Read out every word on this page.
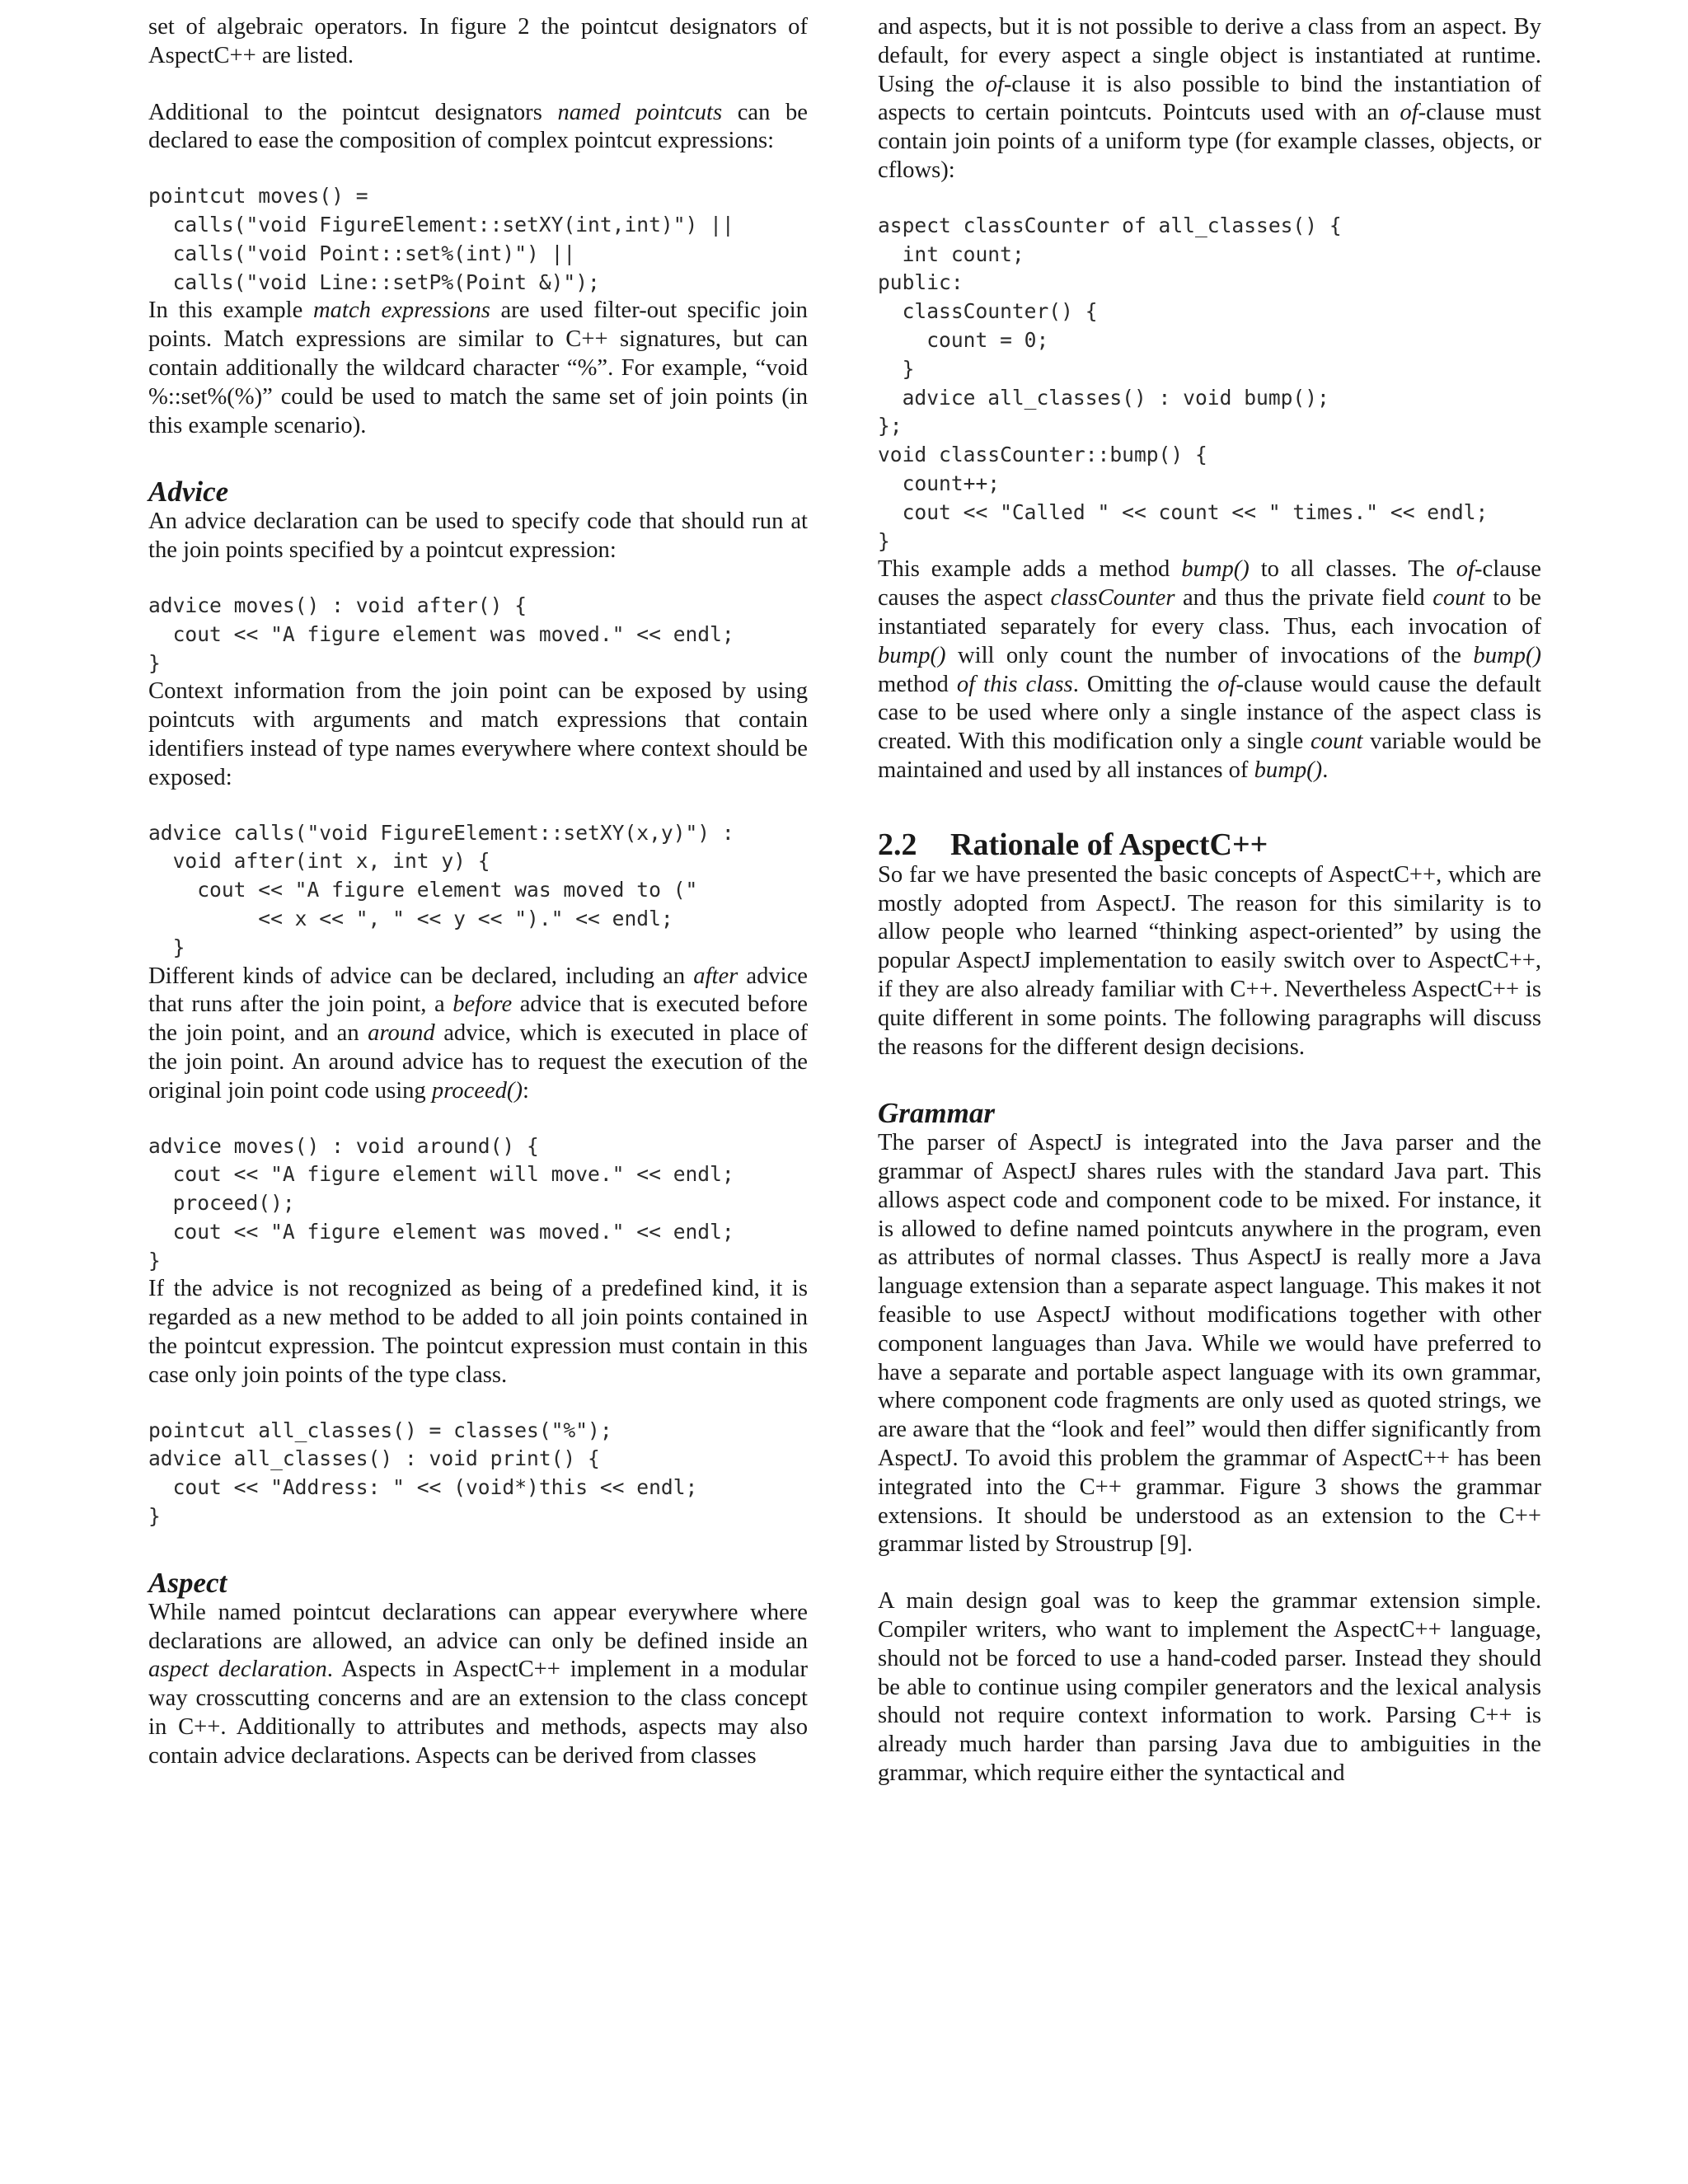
set of algebraic operators. In figure 2 the pointcut designators of AspectC++ are listed.

Additional to the pointcut designators named pointcuts can be declared to ease the composition of complex pointcut expressions:

pointcut moves() =
calls("void FigureElement::setXY(int,int)") ||
calls("void Point::set%(int)") ||
calls("void Line::setP%(Point &)");

In this example match expressions are used filter-out specific join points. Match expressions are similar to C++ signatures, but can contain additionally the wildcard character “%”. For example, “void %::set%(%)” could be used to match the same set of join points (in this example scenario).

Advice

An advice declaration can be used to specify code that should run at the join points specified by a pointcut expression:

advice moves() : void after() {
cout << "A figure element was moved." << endl;
}

Context information from the join point can be exposed by using pointcuts with arguments and match expressions that contain identifiers instead of type names everywhere where context should be exposed:

advice calls("void FigureElement::setXY(x,y)") :
void after(int x, int y) {
cout << "A figure element was moved to ("
<< x << ", " << y << ")." << endl;
}

Different kinds of advice can be declared, including an after advice that runs after the join point, a before advice that is executed before the join point, and an around advice, which is executed in place of the join point. An around advice has to request the execution of the original join point code using proceed():

advice moves() : void around() {
cout << "A figure element will move." << endl;
proceed();
cout << "A figure element was moved." << endl;
}

If the advice is not recognized as being of a predefined kind, it is regarded as a new method to be added to all join points contained in the pointcut expression. The pointcut expression must contain in this case only join points of the type class.

pointcut all_classes() = classes("%");
advice all_classes() : void print() {
cout << "Address: " << (void*)this << endl;
}
Aspect

While named pointcut declarations can appear everywhere where declarations are allowed, an advice can only be defined inside an aspect declaration. Aspects in AspectC++ implement in a modular way crosscutting concerns and are an extension to the class concept in C++. Additionally to attributes and methods, aspects may also contain advice declarations. Aspects can be derived from classes

and aspects, but it is not possible to derive a class from an aspect. By default, for every aspect a single object is instantiated at runtime. Using the of-clause it is also possible to bind the instantiation of aspects to certain pointcuts. Pointcuts used with an of-clause must contain join points of a uniform type (for example classes, objects, or cflows):

aspect classCounter of all_classes() {
int count;
public:
classCounter() {
count = 0;
}
advice all_classes() : void bump();
};
void classCounter::bump() {
count++;
cout << "Called " << count << " times." << endl;
}

This example adds a method bump() to all classes. The of-clause causes the aspect classCounter and thus the private field count to be instantiated separately for every class. Thus, each invocation of bump() will only count the number of invocations of the bump() method of this class. Omitting the of-clause would cause the default case to be used where only a single instance of the aspect class is created. With this modification only a single count variable would be maintained and used by all instances of bump().

2.2 Rationale of AspectC++

So far we have presented the basic concepts of AspectC++, which are mostly adopted from AspectJ. The reason for this similarity is to allow people who learned “thinking aspect-oriented” by using the popular AspectJ implementation to easily switch over to AspectC++, if they are also already familiar with C++. Nevertheless AspectC++ is quite different in some points. The following paragraphs will discuss the reasons for the different design decisions.

Grammar

The parser of AspectJ is integrated into the Java parser and the grammar of AspectJ shares rules with the standard Java part. This allows aspect code and component code to be mixed. For instance, it is allowed to define named pointcuts anywhere in the program, even as attributes of normal classes. Thus AspectJ is really more a Java language extension than a separate aspect language. This makes it not feasible to use AspectJ without modifications together with other component languages than Java. While we would have preferred to have a separate and portable aspect language with its own grammar, where component code fragments are only used as quoted strings, we are aware that the “look and feel” would then differ significantly from AspectJ. To avoid this problem the grammar of AspectC++ has been integrated into the C++ grammar. Figure 3 shows the grammar extensions. It should be understood as an extension to the C++ grammar listed by Stroustrup [9].

A main design goal was to keep the grammar extension simple. Compiler writers, who want to implement the AspectC++ language, should not be forced to use a hand-coded parser. Instead they should be able to continue using compiler generators and the lexical analysis should not require context information to work. Parsing C++ is already much harder than parsing Java due to ambiguities in the grammar, which require either the syntactical and
